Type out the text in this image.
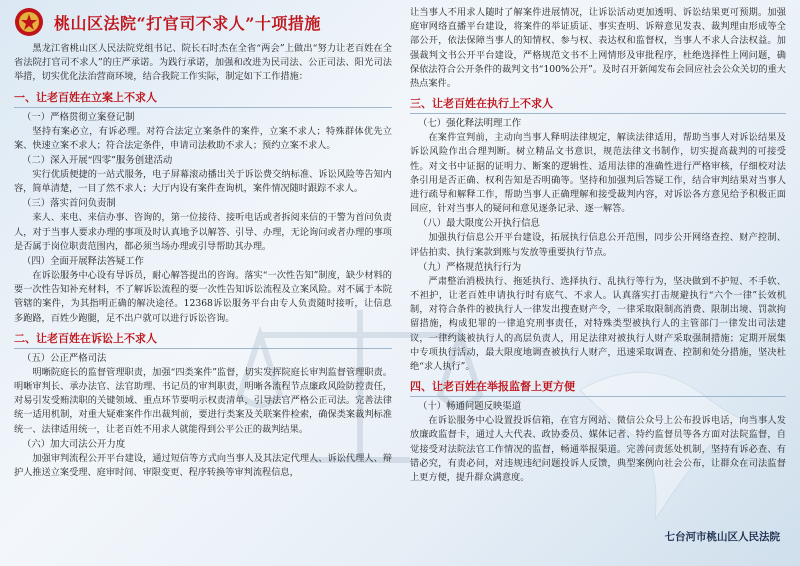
桃山区法院“打官司不求人”十项措施

黑龙江省桃山区人民法院党组书记、院长石时杰在全省“两会”上做出“努力让老百姓在全省法院打官司不求人”的庄严承诺。为践行承诺，加强和改进为民司法、公正司法、阳光司法举措，切实优化法治营商环境，结合我院工作实际，制定如下工作措施：

一、让老百姓在立案上不求人
（一）严格贯彻立案登记制

坚持有案必立，有诉必理。对符合法定立案条件的案件，立案不求人；特殊群体优先立案、快速立案不求人；符合法定条件，申请司法救助不求人；预约立案不求人。

（二）深入开展“四零”服务创建活动

实行优质便捷的一站式服务，电子屏幕滚动播出关于诉讼费交纳标准、诉讼风险等告知内容，简单清楚，一目了然不求人；大厅内设有案件查询机，案件情况随时跟踪不求人。

（三）落实首问负责制

来人、来电、来信办事、咨询的，第一位接待、接听电话或者拆阅来信的干警为首问负责人，对于当事人要求办理的事项及时认真地予以解答、引导、办理，无论询问或者办理的事项是否属于岗位职责范围内，都必须当场办理或引导帮助其办理。

（四）全面开展释法答疑工作

在诉讼服务中心设有导诉员，耐心解答提出的咨询。落实“一次性告知”制度，缺少材料的要一次性告知补充材料，不了解诉讼流程的要一次性告知诉讼流程及立案风险。对不属于本院管辖的案件，为其指明正确的解决途径。12368诉讼服务平台由专人负责随时接听，让信息多跑路，百姓少跑腿，足不出户就可以进行诉讼咨询。

二、让老百姓在诉讼上不求人
（五）公正严格司法

明晰院庭长的监督管理职责，加强“四类案件”监督，切实发挥院庭长审判监督管理职责。明晰审判长、承办法官、法官助理、书记员的审判职责，明晰各流程节点廉政风险防控责任，对易引发受贿渎职的关键领域、重点环节要明示权责清单，引导法官严格公正司法。完善法律统一适用机制，对重大疑难案件作出裁判前，要进行类案及关联案件检索，确保类案裁判标准统一、法律适用统一，让老百姓不用求人就能得到公平公正的裁判结果。

（六）加大司法公开力度

加强审判流程公开平台建设，通过短信等方式向当事人及其法定代理人、诉讼代理人、辩护人推送立案受理、庭审时间、审限变更、程序转换等审判流程信息，

让当事人不用求人随时了解案件进展情况，让诉讼活动更加透明、诉讼结果更可预期。加强庭审网络直播平台建设，将案件的举证质证、事实查明、诉辩意见发表、裁判理由形成等全部公开，依法保障当事人的知情权、参与权、表达权和监督权，当事人不求人合法权益。加强裁判文书公开平台建设，严格规范文书不上网情形及审批程序，杜绝选择性上网问题，确保依法符合公开条件的裁判文书“100%公开”。及时召开新闻发布会回应社会公众关切的重大热点案件。

三、让老百姓在执行上不求人
（七）强化释法明理工作

在案件宣判前，主动向当事人释明法律规定，解读法律适用，帮助当事人对诉讼结果及诉讼风险作出合理判断。树立精品文书意识，规范法律文书制作，切实提高裁判的可接受性。对文书中证据的证明力、断案的逻辑性、适用法律的准确性进行严格审核，仔细校对法条引用是否正确、权利告知是否明确等。坚持和加强判后答疑工作，结合审判结果对当事人进行疏导和解释工作，帮助当事人正确理解和接受裁判内容，对诉讼各方意见给予积极正面回应，针对当事人的疑问和意见逐条记录、逐一解答。

（八）最大限度公开执行信息

加强执行信息公开平台建设，拓展执行信息公开范围，同步公开网络查控、财产控制、评估拍卖、执行案款到账与发放等重要执行节点。

（九）严格规范执行行为

严肃整治消极执行、拖延执行、选择执行、乱执行等行为，坚决做到不护短、不手软、不袒护，让老百姓申请执行时有底气、不求人。认真落实打击规避执行“六个一律”长效机制，对符合条件的被执行人一律发出搜查财产令，一律采取限制高消费、限制出境、罚款拘留措施，构成犯罪的一律追究刑事责任，对特殊类型被执行人的主管部门一律发出司法建议，一律约谈被执行人的高层负责人，用足法律对被执行人财产采取强制措施；定期开展集中专项执行活动，最大限度地调查被执行人财产，迅速采取调查、控制和处分措施，坚决杜绝“求人执行”。

四、让老百姓在举报监督上更方便
（十）畅通问题反映渠道

在诉讼服务中心设置投诉信箱，在官方网站、微信公众号上公布投诉电话，向当事人发放廉政监督卡，通过人大代表、政协委员、媒体记者、特约监督员等各方面对法院监督，自觉接受对法院法官工作情况的监督，畅通举报渠道。完善问责惩处机制，坚持有诉必查、有错必究，有责必问，对违规违纪问题投诉人反馈，典型案例向社会公布，让群众在司法监督上更方便，提升群众满意度。

七台河市桃山区人民法院
